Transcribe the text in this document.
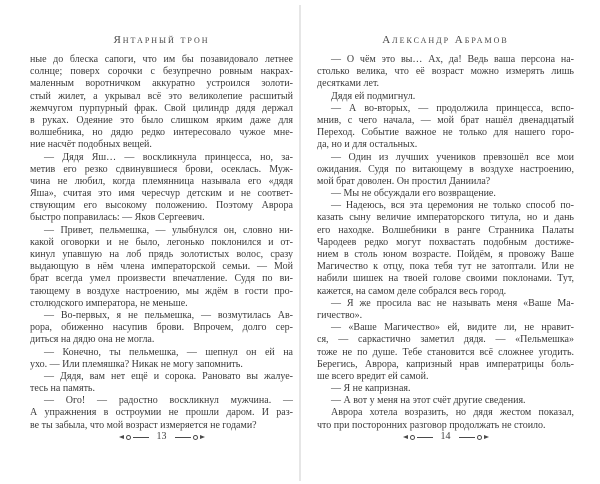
Янтарный трон
ные до блеска сапоги, что им бы позавидовало летнее
солнце; поверх сорочки с безупречно ровным накрах-
маленным воротничком аккуратно устроился золоти-
стый жилет, а укрывал всё это великолепие расшитый
жемчугом пурпурный фрак. Свой цилиндр дядя держал
в руках. Одеяние это было слишком ярким даже для
волшебника, но дядю редко интересовало чужое мне-
ние насчёт подобных вещей.
— Дядя Яш… — воскликнула принцесса, но, за-
метив его резко сдвинувшиеся брови, осеклась. Муж-
чина не любил, когда племянница называла его «дядя
Яша», считая это имя чересчур детским и не соответ-
ствующим его высокому положению. Поэтому Аврора
быстро поправилась: — Яков Сергеевич.
— Привет, пельмешка, — улыбнулся он, словно ни-
какой оговорки и не было, легонько поклонился и от-
кинул упавшую на лоб прядь золотистых волос, сразу
выдающую в нём члена императорской семьи. — Мой
брат всегда умел произвести впечатление. Судя по ви-
тающему в воздухе настроению, мы ждём в гости про-
столюдского императора, не меньше.
— Во-первых, я не пельмешка, — возмутилась Ав-
рора, обиженно насупив брови. Впрочем, долго сер-
диться на дядю она не могла.
— Конечно, ты пельмешка, — шепнул он ей на
ухо. — Или племяшка? Никак не могу запомнить.
— Дядя, вам нет ещё и сорока. Рановато вы жалуе-
тесь на память.
— Ого! — радостно воскликнул мужчина. —
А упражнения в остроумии не прошли даром. И раз-
ве ты забыла, что мой возраст измеряется не годами?
13
Александр Абрамов
— О чём это вы… Ах, да! Ведь ваша персона на-
столько велика, что её возраст можно измерять лишь
десятками лет.
Дядя ей подмигнул.
— А во-вторых, — продолжила принцесса, вспо-
мнив, с чего начала, — мой брат нашёл двенадцатый
Переход. Событие важное не только для нашего горо-
да, но и для остальных.
— Один из лучших учеников превзошёл все мои
ожидания. Судя по витающему в воздухе настроению,
мой брат доволен. Он простил Даниила?
— Мы не обсуждали его возвращение.
— Надеюсь, вся эта церемония не только способ по-
казать сыну величие императорского титула, но и дань
его находке. Волшебники в ранге Странника Палаты
Чародеев редко могут похвастать подобным достиже-
нием в столь юном возрасте. Пойдём, я провожу Ваше
Магичество к отцу, пока тебя тут не затоптали. Или не
набили шишек на твоей голове своими поклонами. Тут,
кажется, на самом деле собрался весь город.
— Я же просила вас не называть меня «Ваше Ма-
гичество».
— «Ваше Магичество» ей, видите ли, не нравит-
ся, — саркастично заметил дядя. — «Пельмешка»
тоже не по душе. Тебе становится всё сложнее угодить.
Берегись, Аврора, капризный нрав императрицы боль-
ше всего вредит ей самой.
— Я не капризная.
— А вот у меня на этот счёт другие сведения.
Аврора хотела возразить, но дядя жестом показал,
что при посторонних разговор продолжать не стоило.
14
